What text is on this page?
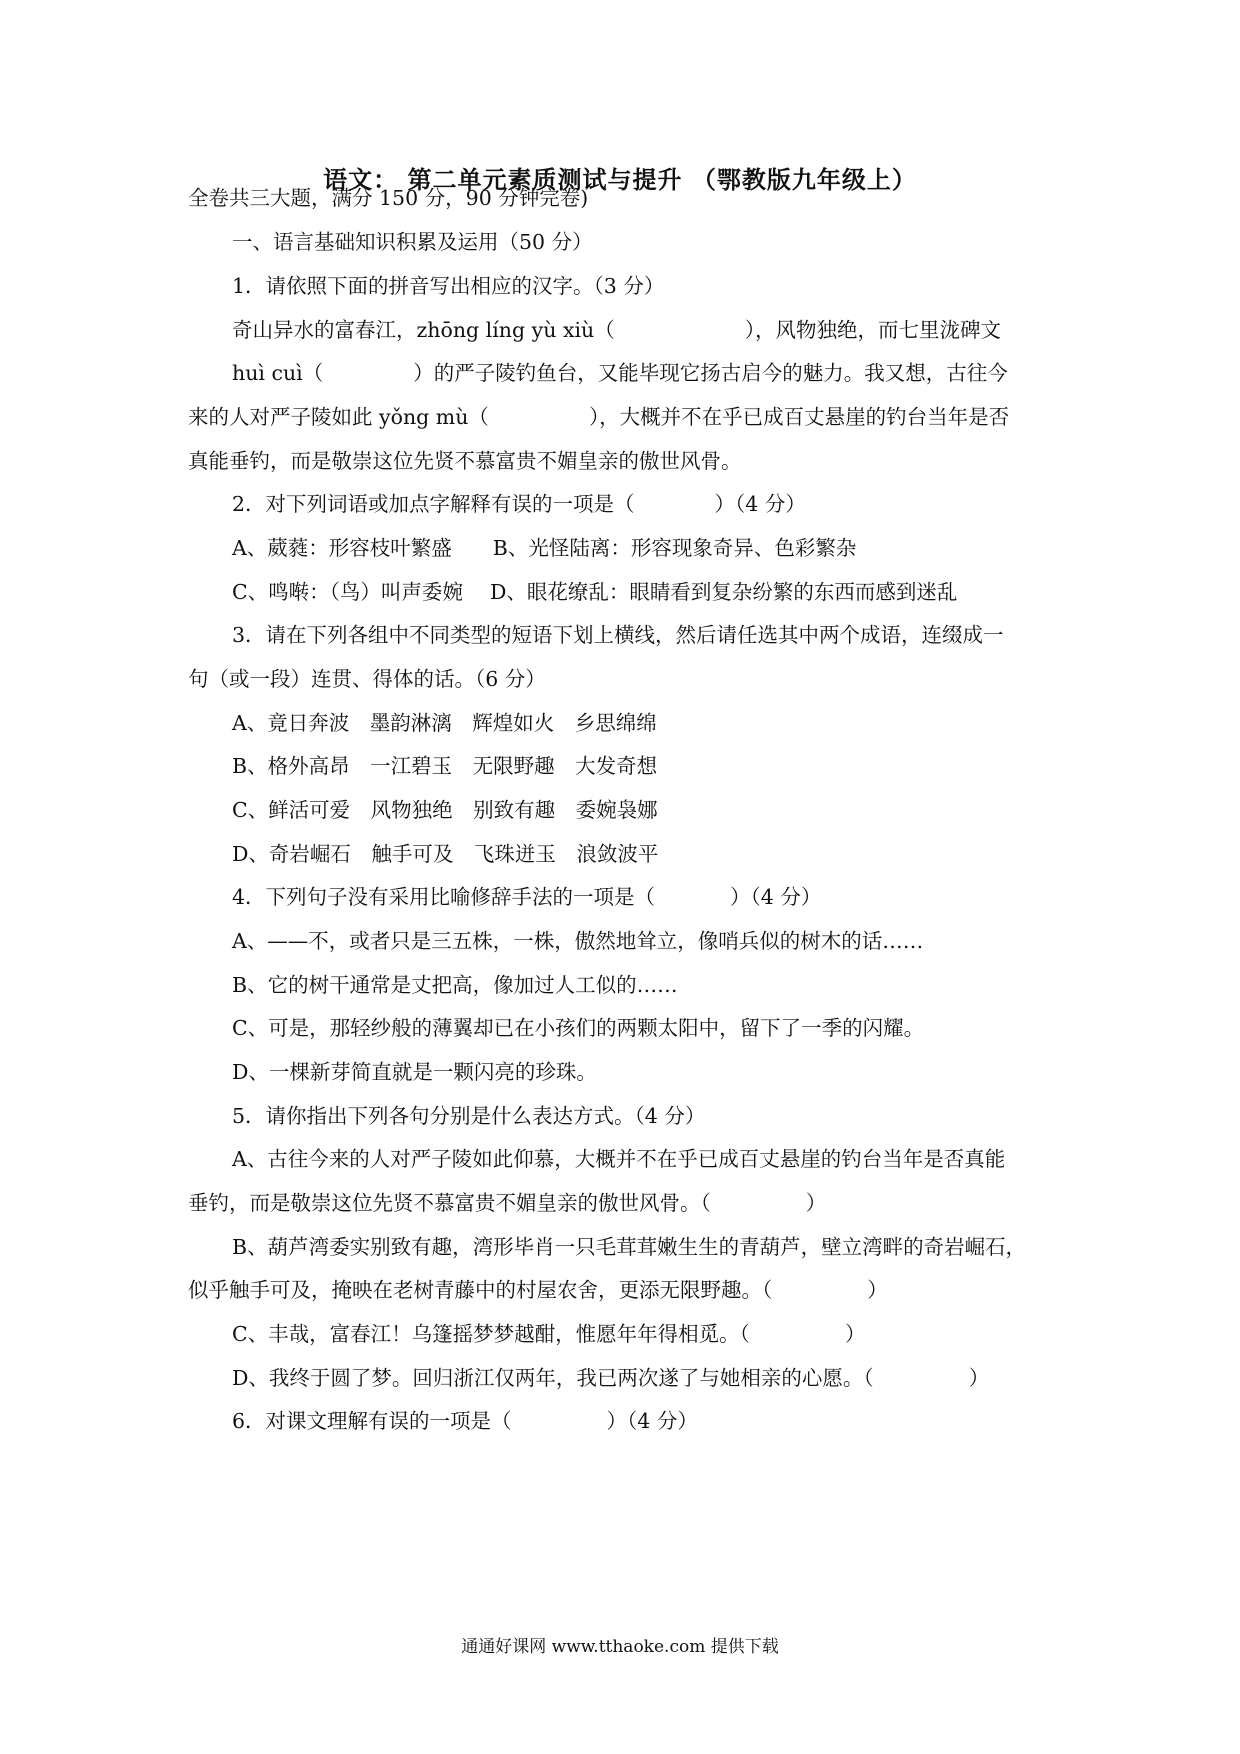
语文： 第二单元素质测试与提升 （鄂教版九年级上）
全卷共三大题，满分 150 分，90 分钟完卷)
一、语言基础知识积累及运用（50 分）
1．请依照下面的拼音写出相应的汉字。（3 分）
奇山异水的富春江，zhōng líng yù xiù（	），风物独绝，而七里泷碑文
huì cuì（	）的严子陵钓鱼台，又能毕现它扬古启今的魅力。我又想，古往今
来的人对严子陵如此 yǒng mù（	），大概并不在乎已成百丈悬崖的钓台当年是否
真能垂钓，而是敬崇这位先贤不慕富贵不媚皇亲的傲世风骨。
2．对下列词语或加点字解释有误的一项是（	）（4 分）
A、葳蕤：形容枝叶繁盛　　B、光怪陆离：形容现象奇异、色彩繁杂
C、鸣啭：（鸟）叫声委婉　 D、眼花缭乱：眼睛看到复杂纷繁的东西而感到迷乱
3．请在下列各组中不同类型的短语下划上横线，然后请任选其中两个成语，连缀成一
句（或一段）连贯、得体的话。（6 分）
A、竟日奔波　墨韵淋漓　辉煌如火　乡思绵绵
B、格外高昂　一江碧玉　无限野趣　大发奇想
C、鲜活可爱　风物独绝　别致有趣　委婉袅娜
D、奇岩崛石　触手可及　飞珠迸玉　浪敛波平
4．下列句子没有采用比喻修辞手法的一项是（	）（4 分）
A、——不，或者只是三五株，一株，傲然地耸立，像哨兵似的树木的话……
B、它的树干通常是丈把高，像加过人工似的……
C、可是，那轻纱般的薄翼却已在小孩们的两颗太阳中，留下了一季的闪耀。
D、一棵新芽简直就是一颗闪亮的珍珠。
5．请你指出下列各句分别是什么表达方式。（4 分）
A、古往今来的人对严子陵如此仰慕，大概并不在乎已成百丈悬崖的钓台当年是否真能
垂钓，而是敬崇这位先贤不慕富贵不媚皇亲的傲世风骨。（	）
B、葫芦湾委实别致有趣，湾形毕肖一只毛茸茸嫩生生的青葫芦，壁立湾畔的奇岩崛石，
似乎触手可及，掩映在老树青藤中的村屋农舍，更添无限野趣。（	）
C、丰哉，富春江！乌篷摇梦梦越酣，惟愿年年得相觅。（	）
D、我终于圆了梦。回归浙江仅两年，我已两次遂了与她相亲的心愿。（	）
6．对课文理解有误的一项是（	）（4 分）
通通好课网 www.tthaoke.com 提供下载
